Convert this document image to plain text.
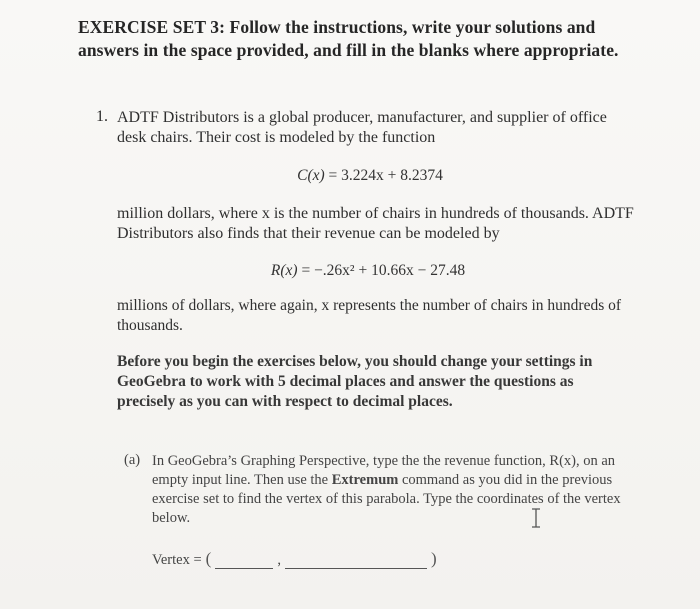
EXERCISE SET 3: Follow the instructions, write your solutions and answers in the space provided, and fill in the blanks where appropriate.
1. ADTF Distributors is a global producer, manufacturer, and supplier of office desk chairs. Their cost is modeled by the function
C(x) = 3.224x + 8.2374
million dollars, where x is the number of chairs in hundreds of thousands. ADTF Distributors also finds that their revenue can be modeled by
R(x) = −.26x² + 10.66x − 27.48
millions of dollars, where again, x represents the number of chairs in hundreds of thousands.
Before you begin the exercises below, you should change your settings in GeoGebra to work with 5 decimal places and answer the questions as precisely as you can with respect to decimal places.
(a) In GeoGebra’s Graphing Perspective, type the the revenue function, R(x), on an empty input line. Then use the Extremum command as you did in the previous exercise set to find the vertex of this parabola. Type the coordinates of the vertex below.
Vertex = (	,	)
